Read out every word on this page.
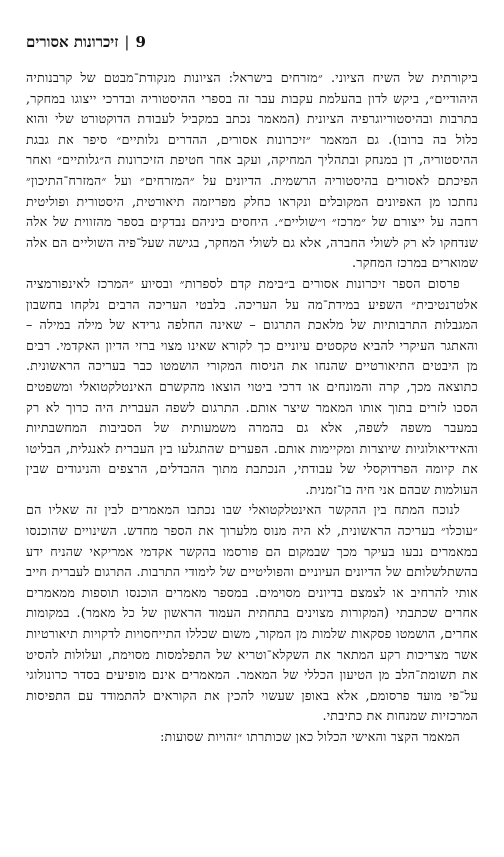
9
|
זיכרונות אסורים

ביקורתית של השיח הציוני. ״מזרחים בישראל: הציונות מנקודת־מבטם של קרבנותיה היהודיים״, ביקש לדון בהעלמת עקבות עבר זה בספרי ההיסטוריה ובדרכי ייצוגו במחקר, בתרבות ובהיסטוריוגרפיה הציונית (המאמר נכתב במקביל לעבודת הדוקטורט שלי והוא כלול בה ברובו). גם המאמר ״זיכרונות אסורים, ההדרים גלותיים״ סיפר את גבגת ההיסטוריה, דן במנחק ובתהליך המחיקה, ועקב אחר חטיפת הזיכרונות ה״גלותיים״ ואחר הפיכתם לאסורים בהיסטוריה הרשמית. הדיונים על ״המזרחים״ ועל ״המזרח־התיכון״ נחתכו מן האפיונים המקובלים ונקראו כחלק מפריזמה תיאורטית, היסטורית ופוליטית רחבה על ייצורם של ״מרכז״ ו״שוליים״. היחסים ביניהם נבדקים בספר מהזווית של אלה שנדחקו לא רק לשולי החברה, אלא גם לשולי המחקר, בגישה שעל־פיה השוליים הם אלה שמוארים במרכז המחקר.

פרסום הספר זיכרונות אסורים ב״בימת קדם לספרות״ ובסיוע ״המרכז לאינפורמציה אלטרנטיבית״ השפיע במידת־מה על העריכה. בלבטי העריכה הרבים נלקחו בחשבון המגבלות התרבותיות של מלאכת התרגום – שאינה החלפה גרידא של מילה במילה – והאתגר העיקרי להביא טקסטים עיוניים כך לקורא שאינו מצוי ברזי הדיון האקדמי. רבים מן היבטים התיאורטיים שהנחו את הניסוח המקורי הושמטו כבר בעריכה הראשונית. כתוצאה מכך, קרה והמונחים או דרכי ביטוי הוצאו מהקשרם האינטלקטואלי ומשפטים הסכו לזרים בתוך אותו המאמר שיצר אותם. התרגום לשפה העברית היה כרוך לא רק במעבר משפה לשפה, אלא גם בהמרה משמעותית של הסביבות המחשבתיות והאידיאולוגיות שיוצרות ומקיימות אותם. הפערים שהתגלעו בין העברית לאנגלית, הבליטו את קיומה הפרדוקסלי של עבודתי, הנכתבת מתוך ההבדלים, הרצפים והניגודים שבין העולמות שבהם אני חיה בו־זמנית.

לנוכח המתח בין ההקשר האינטלקטואלי שבו נכתבו המאמרים לבין זה שאליו הם ״עוכלו״ בעריכה הראשונית, לא היה מנוס מלערוך את הספר מחדש. השינויים שהוכנסו במאמרים נבעו בעיקר מכך שבמקום הם פורסמו בהקשר אקדמי אמריקאי שהניח ידע בהשתלשלותם של הדיונים העיוניים והפוליטיים של לימודי התרבות. התרגום לעברית חייב אותי להרחיב או לצמצם בדיונים מסוימים. במספר מאמרים הוכנסו תוספות ממאמרים אחרים שכתבתי (המקורות מצוינים בתחתית העמוד הראשון של כל מאמר). במקומות אחרים, הושמטו פסקאות שלמות מן המקור, משום שכללו התייחסויות לדקויות תיאורטיות אשר מצריכות רקע המתאר את השקלא־וטריא של התפלמסות מסוימת, ועלולות להסיט את תשומת־הלב מן הטיעון הכללי של המאמר. המאמרים אינם מופיעים בסדר כרונולוגי על־פי מועד פרסומם, אלא באופן שעשוי להכין את הקוראים להתמודד עם התפיסות המרכזיות שמנחות את כתיבתי.

המאמר הקצר והאישי הכלול כאן שכותרתו ״זהויות שסועות:
